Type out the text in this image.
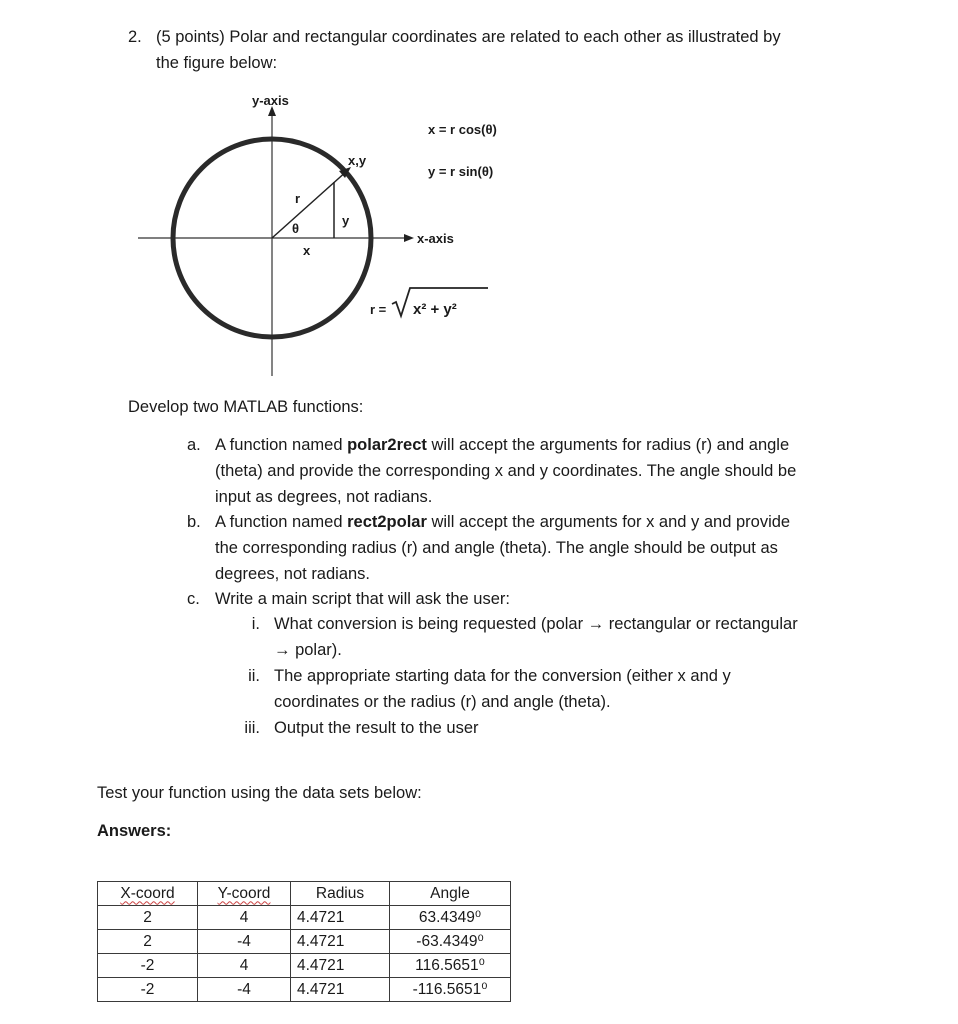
2. (5 points) Polar and rectangular coordinates are related to each other as illustrated by
the figure below:
y-axis
x-axis
x,y
r
θ
x
y
x = r cos(θ)
y = r sin(θ)
r = x² + y²
Develop two MATLAB functions:
a. A function named polar2rect will accept the arguments for radius (r) and angle
(theta) and provide the corresponding x and y coordinates. The angle should be
input as degrees, not radians.
b. A function named rect2polar will accept the arguments for x and y and provide
the corresponding radius (r) and angle (theta). The angle should be output as
degrees, not radians.
c. Write a main script that will ask the user:
i. What conversion is being requested (polar → rectangular or rectangular
→ polar).
ii. The appropriate starting data for the conversion (either x and y
coordinates or the radius (r) and angle (theta).
iii. Output the result to the user
Test your function using the data sets below:
Answers:
X-coord	Y-coord	Radius	Angle
2	4	4.4721	63.4349⁰
2	-4	4.4721	-63.4349⁰
-2	4	4.4721	116.5651⁰
-2	-4	4.4721	-116.5651⁰
